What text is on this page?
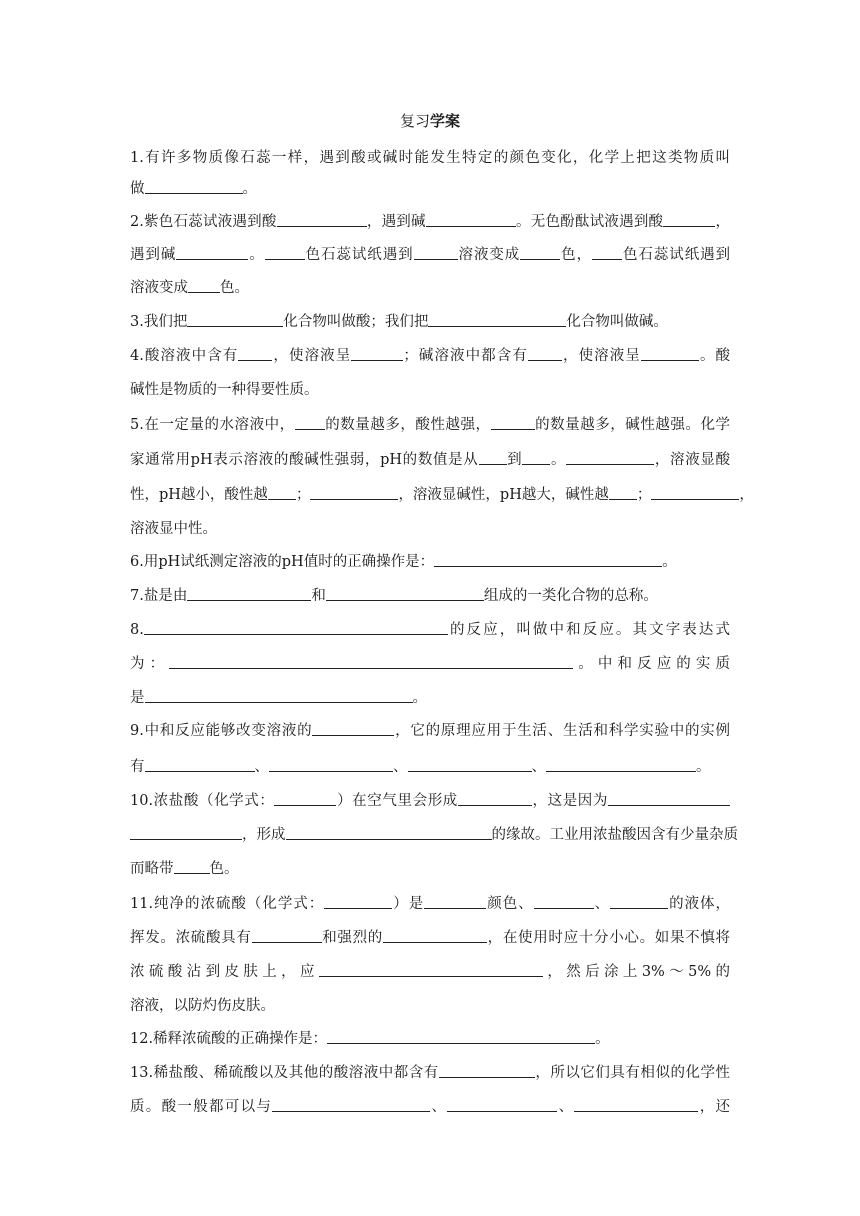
复习学案
1.有许多物质像石蕊一样，遇到酸或碱时能发生特定的颜色变化，化学上把这类物质叫
做	。
2.紫色石蕊试液遇到酸	，遇到碱	。无色酚酞试液遇到酸	，
遇到碱	。	色石蕊试纸遇到	溶液变成	色， 色石蕊试纸遇到
溶液变成 色。
3.我们把	化合物叫做酸；我们把	化合物叫做碱。
4.酸溶液中含有 ，使溶液呈	；碱溶液中都含有 ，使溶液呈	。酸
碱性是物质的一种得要性质。
5.在一定量的水溶液中， 的数量越多，酸性越强，	的数量越多，碱性越强。化学
家通常用pH表示溶液的酸碱性强弱，pH的数值是从 到 。	，溶液显酸
性，pH越小，酸性越 ；	，溶液显碱性，pH越大，碱性越 ；	，
溶液显中性。
6.用pH试纸测定溶液的pH值时的正确操作是：	。
7.盐是由	和	组成的一类化合物的总称。
8.	的反应，叫做中和反应。其文字表达式
为：	。中和反应的实质
是	。
9.中和反应能够改变溶液的	，它的原理应用于生活、生活和科学实验中的实例
有	、	、	、	。
10.浓盐酸（化学式：	）在空气里会形成	，这是因为
，形成	的缘故。工业用浓盐酸因含有少量杂质
而略带 色。
11.纯净的浓硫酸（化学式：	）是	颜色、	、	的液体，
挥发。浓硫酸具有	和强烈的	，在使用时应十分小心。如果不慎将
浓硫酸沾到皮肤上，应	，然后涂上3%～5%的
溶液，以防灼伤皮肤。
12.稀释浓硫酸的正确操作是：	。
13.稀盐酸、稀硫酸以及其他的酸溶液中都含有	，所以它们具有相似的化学性
质。酸一般都可以与	、	、	，还
